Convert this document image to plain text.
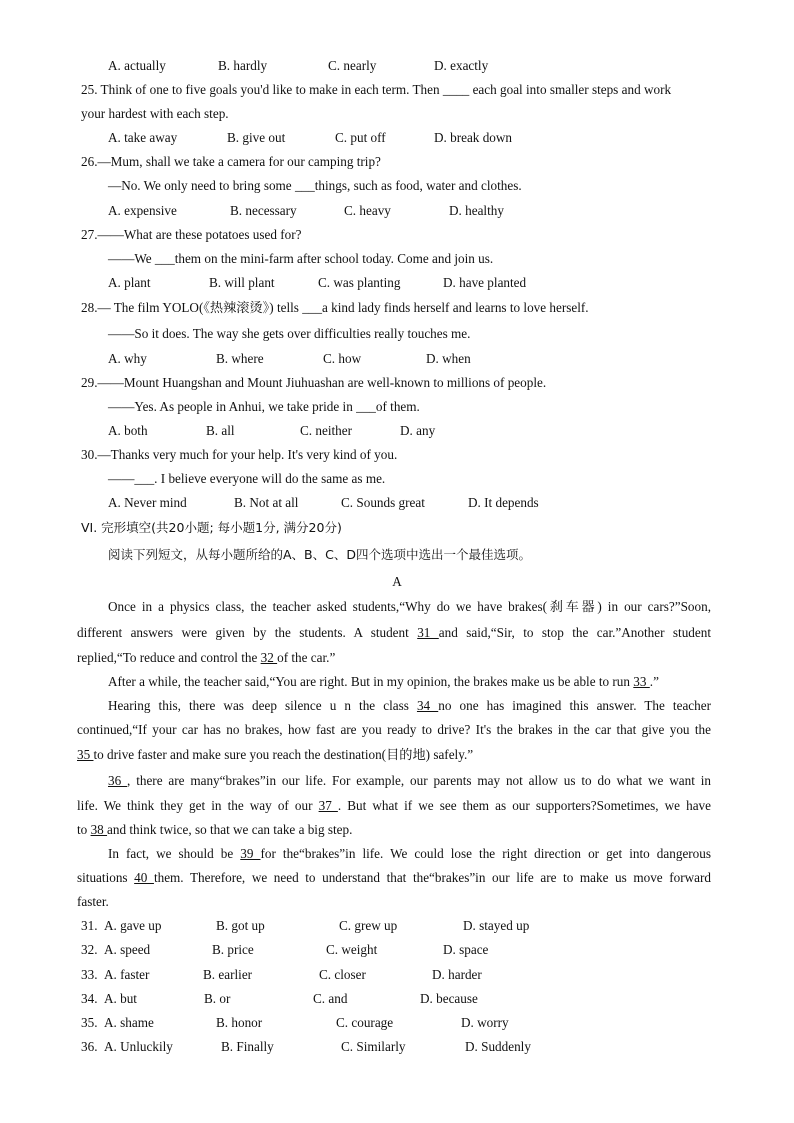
A. actually	B. hardly	C. nearly	D. exactly
25. Think of one to five goals you'd like to make in each term. Then ____ each goal into smaller steps and work
your hardest with each step.
A. take away	B. give out	C. put off	D. break down
26.—Mum, shall we take a camera for our camping trip?
—No. We only need to bring some ___things, such as food, water and clothes.
A. expensive	B. necessary	C. heavy	D. healthy
27.——What are these potatoes used for?
——We ___them on the mini-farm after school today. Come and join us.
A. plant	B. will plant	C. was planting	D. have planted
28.— The film YOLO(《热辣滚烫》) tells ___a kind lady finds herself and learns to love herself.
——So it does. The way she gets over difficulties really touches me.
A. why	B. where	C. how	D. when
29.——Mount Huangshan and Mount Jiuhuashan are well-known to millions of people.
——Yes. As people in Anhui, we take pride in ___of them.
A. both	B. all	C. neither	D. any
30.—Thanks very much for your help. It's very kind of you.
——___. I believe everyone will do the same as me.
A. Never mind	B. Not at all	C. Sounds great	D. It depends
VI. 完形填空(共20小题; 每小题1分, 满分20分)
阅读下列短文，从每小题所给的A、B、C、D四个选项中选出一个最佳选项。
A
Once in a physics class, the teacher asked students,“Why do we have brakes(刹车器) in our cars?”Soon,
different answers were given by the students. A student 31 and said,“Sir, to stop the car.”Another student
replied,“To reduce and control the 32 of the car.”
After a while, the teacher said,“You are right. But in my opinion, the brakes make us be able to run 33 .”
Hearing this, there was deep silence u n the class 34 no one has imagined this answer. The teacher
continued,“If your car has no brakes, how fast are you ready to drive? It's the brakes in the car that give you the
35 to drive faster and make sure you reach the destination(目的地) safely.”
36 , there are many“brakes”in our life. For example, our parents may not allow us to do what we want in
life. We think they get in the way of our 37 . But what if we see them as our supporters?Sometimes, we have
to 38 and think twice, so that we can take a big step.
In fact, we should be 39 for the“brakes”in life. We could lose the right direction or get into dangerous
situations 40 them. Therefore, we need to understand that the“brakes”in our life are to make us move forward
faster.
31. A. gave up	B. got up	C. grew up	D. stayed up
32. A. speed	B. price	C. weight	D. space
33. A. faster	B. earlier	C. closer	D. harder
34. A. but	B. or	C. and	D. because
35. A. shame	B. honor	C. courage	D. worry
36. A. Unluckily	B. Finally	C. Similarly	D. Suddenly
